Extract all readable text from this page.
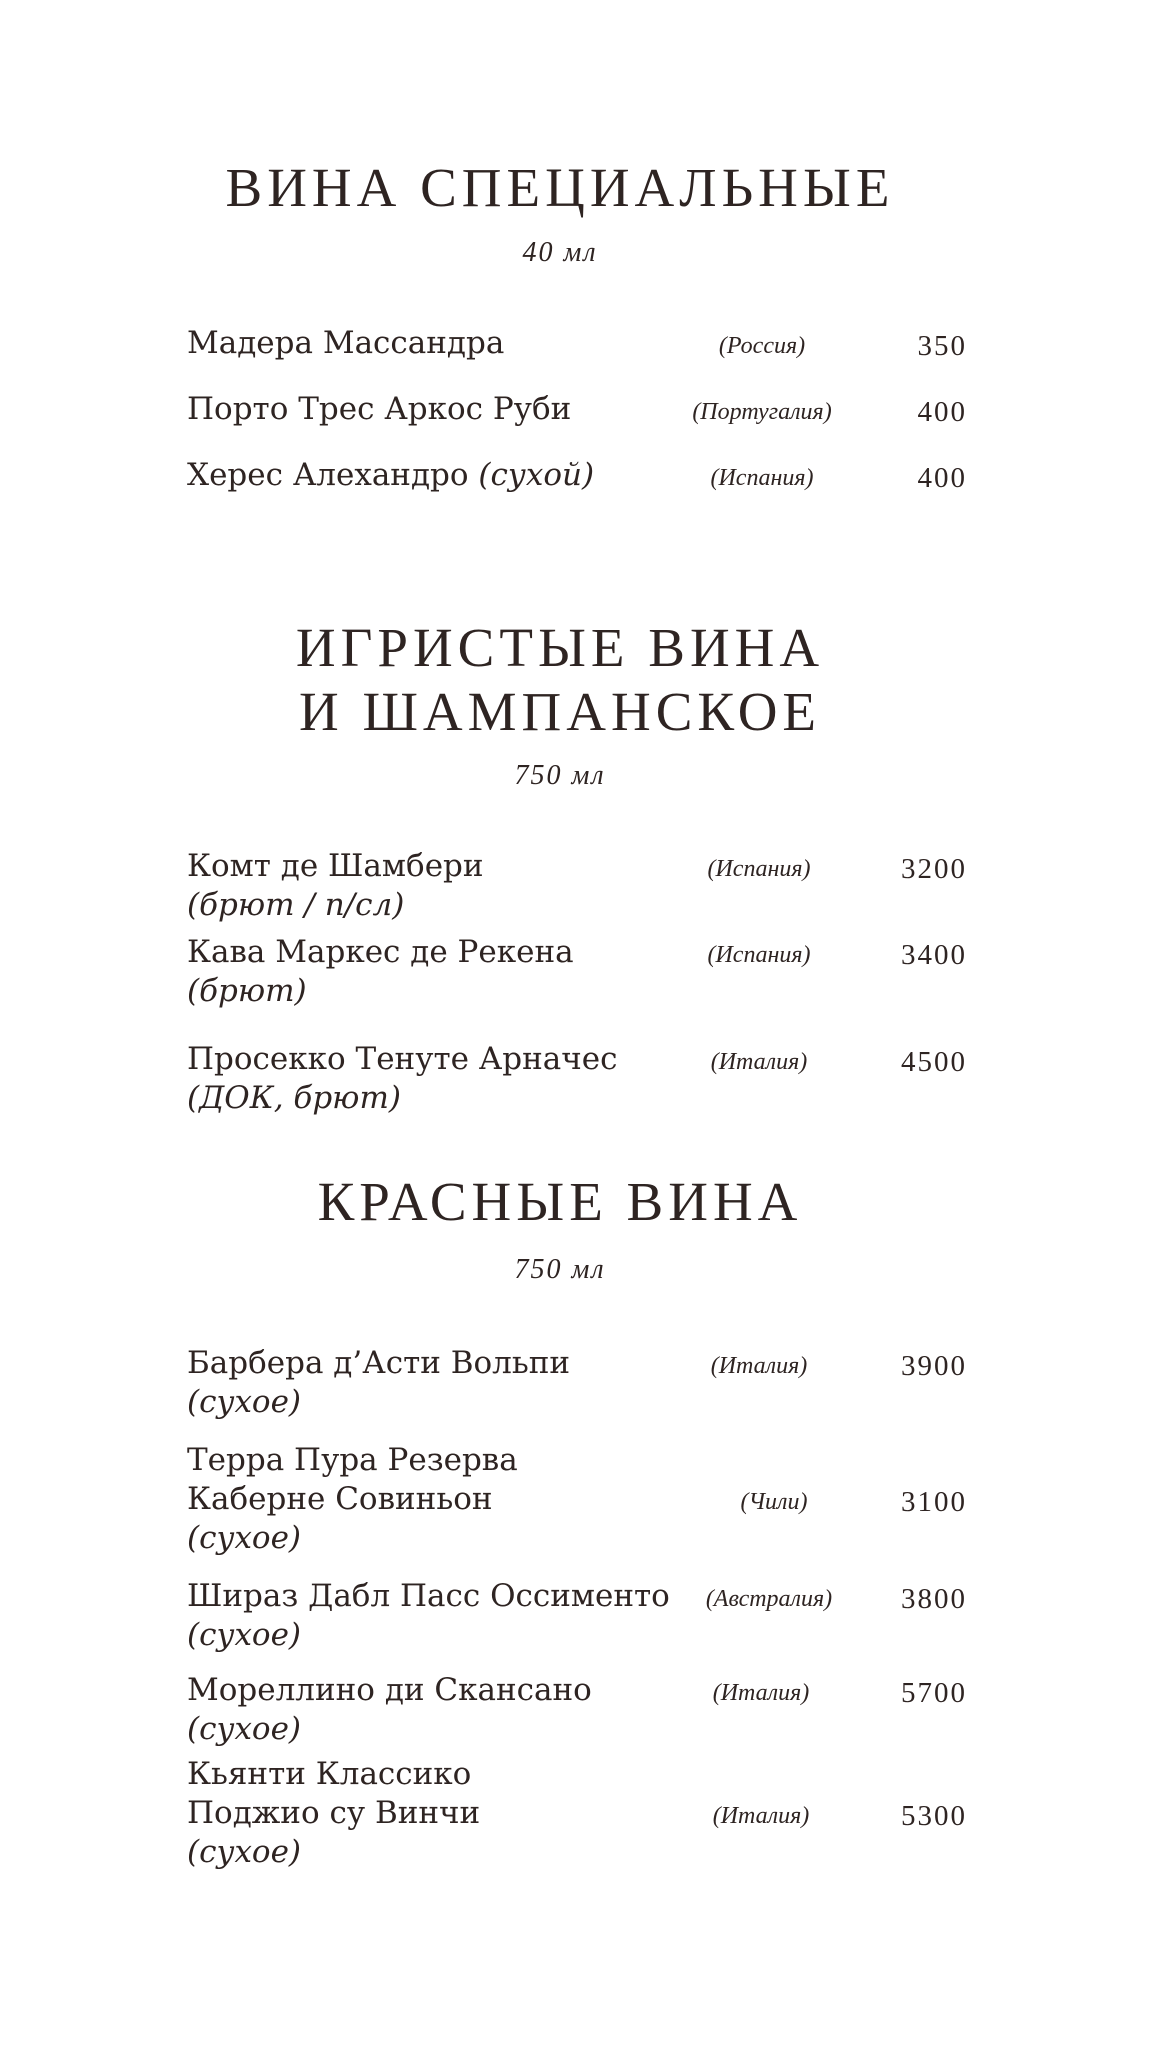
ВИНА СПЕЦИАЛЬНЫЕ
40 мл
Мадера Массандра	(Россия)	350
Порто Трес Аркос Руби	(Португалия)	400
Херес Алехандро (сухой)	(Испания)	400
ИГРИСТЫЕ ВИНА
И ШАМПАНСКОЕ
750 мл
Комт де Шамбери
(брют / п/сл)
(Испания)	3200
Кава Маркес де Рекена
(брют)
(Испания)	3400
Просекко Тенуте Арначес
(ДОК, брют)
(Италия)	4500
КРАСНЫЕ ВИНА
750 мл
Барбера д’Асти Вольпи
(сухое)
(Италия)	3900
Терра Пура Резерва
Каберне Совиньон
(сухое)
(Чили)	3100
Шираз Дабл Пасс Оссименто
(сухое)
(Австралия)	3800
Мореллино ди Скансано
(сухое)
(Италия)	5700
Кьянти Классико
Поджио су Винчи
(сухое)
(Италия)	5300
